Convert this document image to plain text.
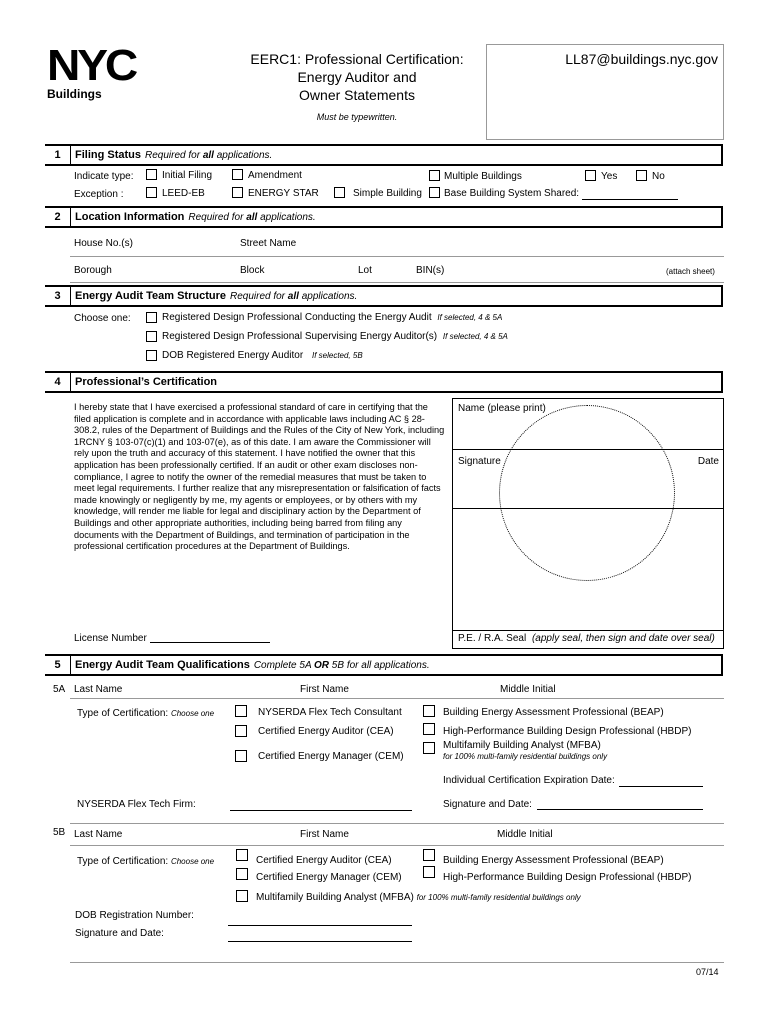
NYC
Buildings
EERC1: Professional Certification:
Energy Auditor and
Owner Statements
Must be typewritten.
LL87@buildings.nyc.gov
1	Filing Status Required for all applications.
Indicate type:	Initial Filing	Amendment	Multiple Buildings	Yes	No
Exception :	LEED-EB	ENERGY STAR	Simple Building Base Building System Shared:
2	Location Information Required for all applications.
House No.(s)	Street Name
Borough	Block	Lot	BIN(s)	(attach sheet)
3	Energy Audit Team Structure Required for all applications.
Choose one:	Registered Design Professional Conducting the Energy Audit If selected, 4 & 5A
Registered Design Professional Supervising Energy Auditor(s) If selected, 4 & 5A
DOB Registered Energy Auditor If selected, 5B
4	Professional’s Certification
I hereby state that I have exercised a professional standard of care in certifying that the filed application is complete and in accordance with applicable laws including AC § 28-308.2, rules of the Department of Buildings and the Rules of the City of New York, including 1RCNY § 103-07(c)(1) and 103-07(e), as of this date. I am aware the Commissioner will rely upon the truth and accuracy of this statement. I have notified the owner that this application has been professionally certified. If an audit or other exam discloses non-compliance, I agree to notify the owner of the remedial measures that must be taken to meet legal requirements. I further realize that any misrepresentation or falsification of facts made knowingly or negligently by me, my agents or employees, or by others with my knowledge, will render me liable for legal and disciplinary action by the Department of Buildings and other appropriate authorities, including being barred from filing any documents with the Department of Buildings, and termination of participation in the professional certification procedures at the Department of Buildings.
License Number
Name (please print)
Signature	Date
P.E. / R.A. Seal (apply seal, then sign and date over seal)
5	Energy Audit Team Qualifications Complete 5A OR 5B for all applications.
5A Last Name	First Name	Middle Initial
Type of Certification: Choose one	NYSERDA Flex Tech Consultant	Building Energy Assessment Professional (BEAP)
Certified Energy Auditor (CEA)	High-Performance Building Design Professional (HBDP)
Multifamily Building Analyst (MFBA)
for 100% multi-family residential buildings only
Certified Energy Manager (CEM)
Individual Certification Expiration Date:
NYSERDA Flex Tech Firm:	Signature and Date:
5B Last Name	First Name	Middle Initial
Type of Certification: Choose one	Certified Energy Auditor (CEA)	Building Energy Assessment Professional (BEAP)
Certified Energy Manager (CEM)	High-Performance Building Design Professional (HBDP)
Multifamily Building Analyst (MFBA) for 100% multi-family residential buildings only
DOB Registration Number:
Signature and Date:
07/14
